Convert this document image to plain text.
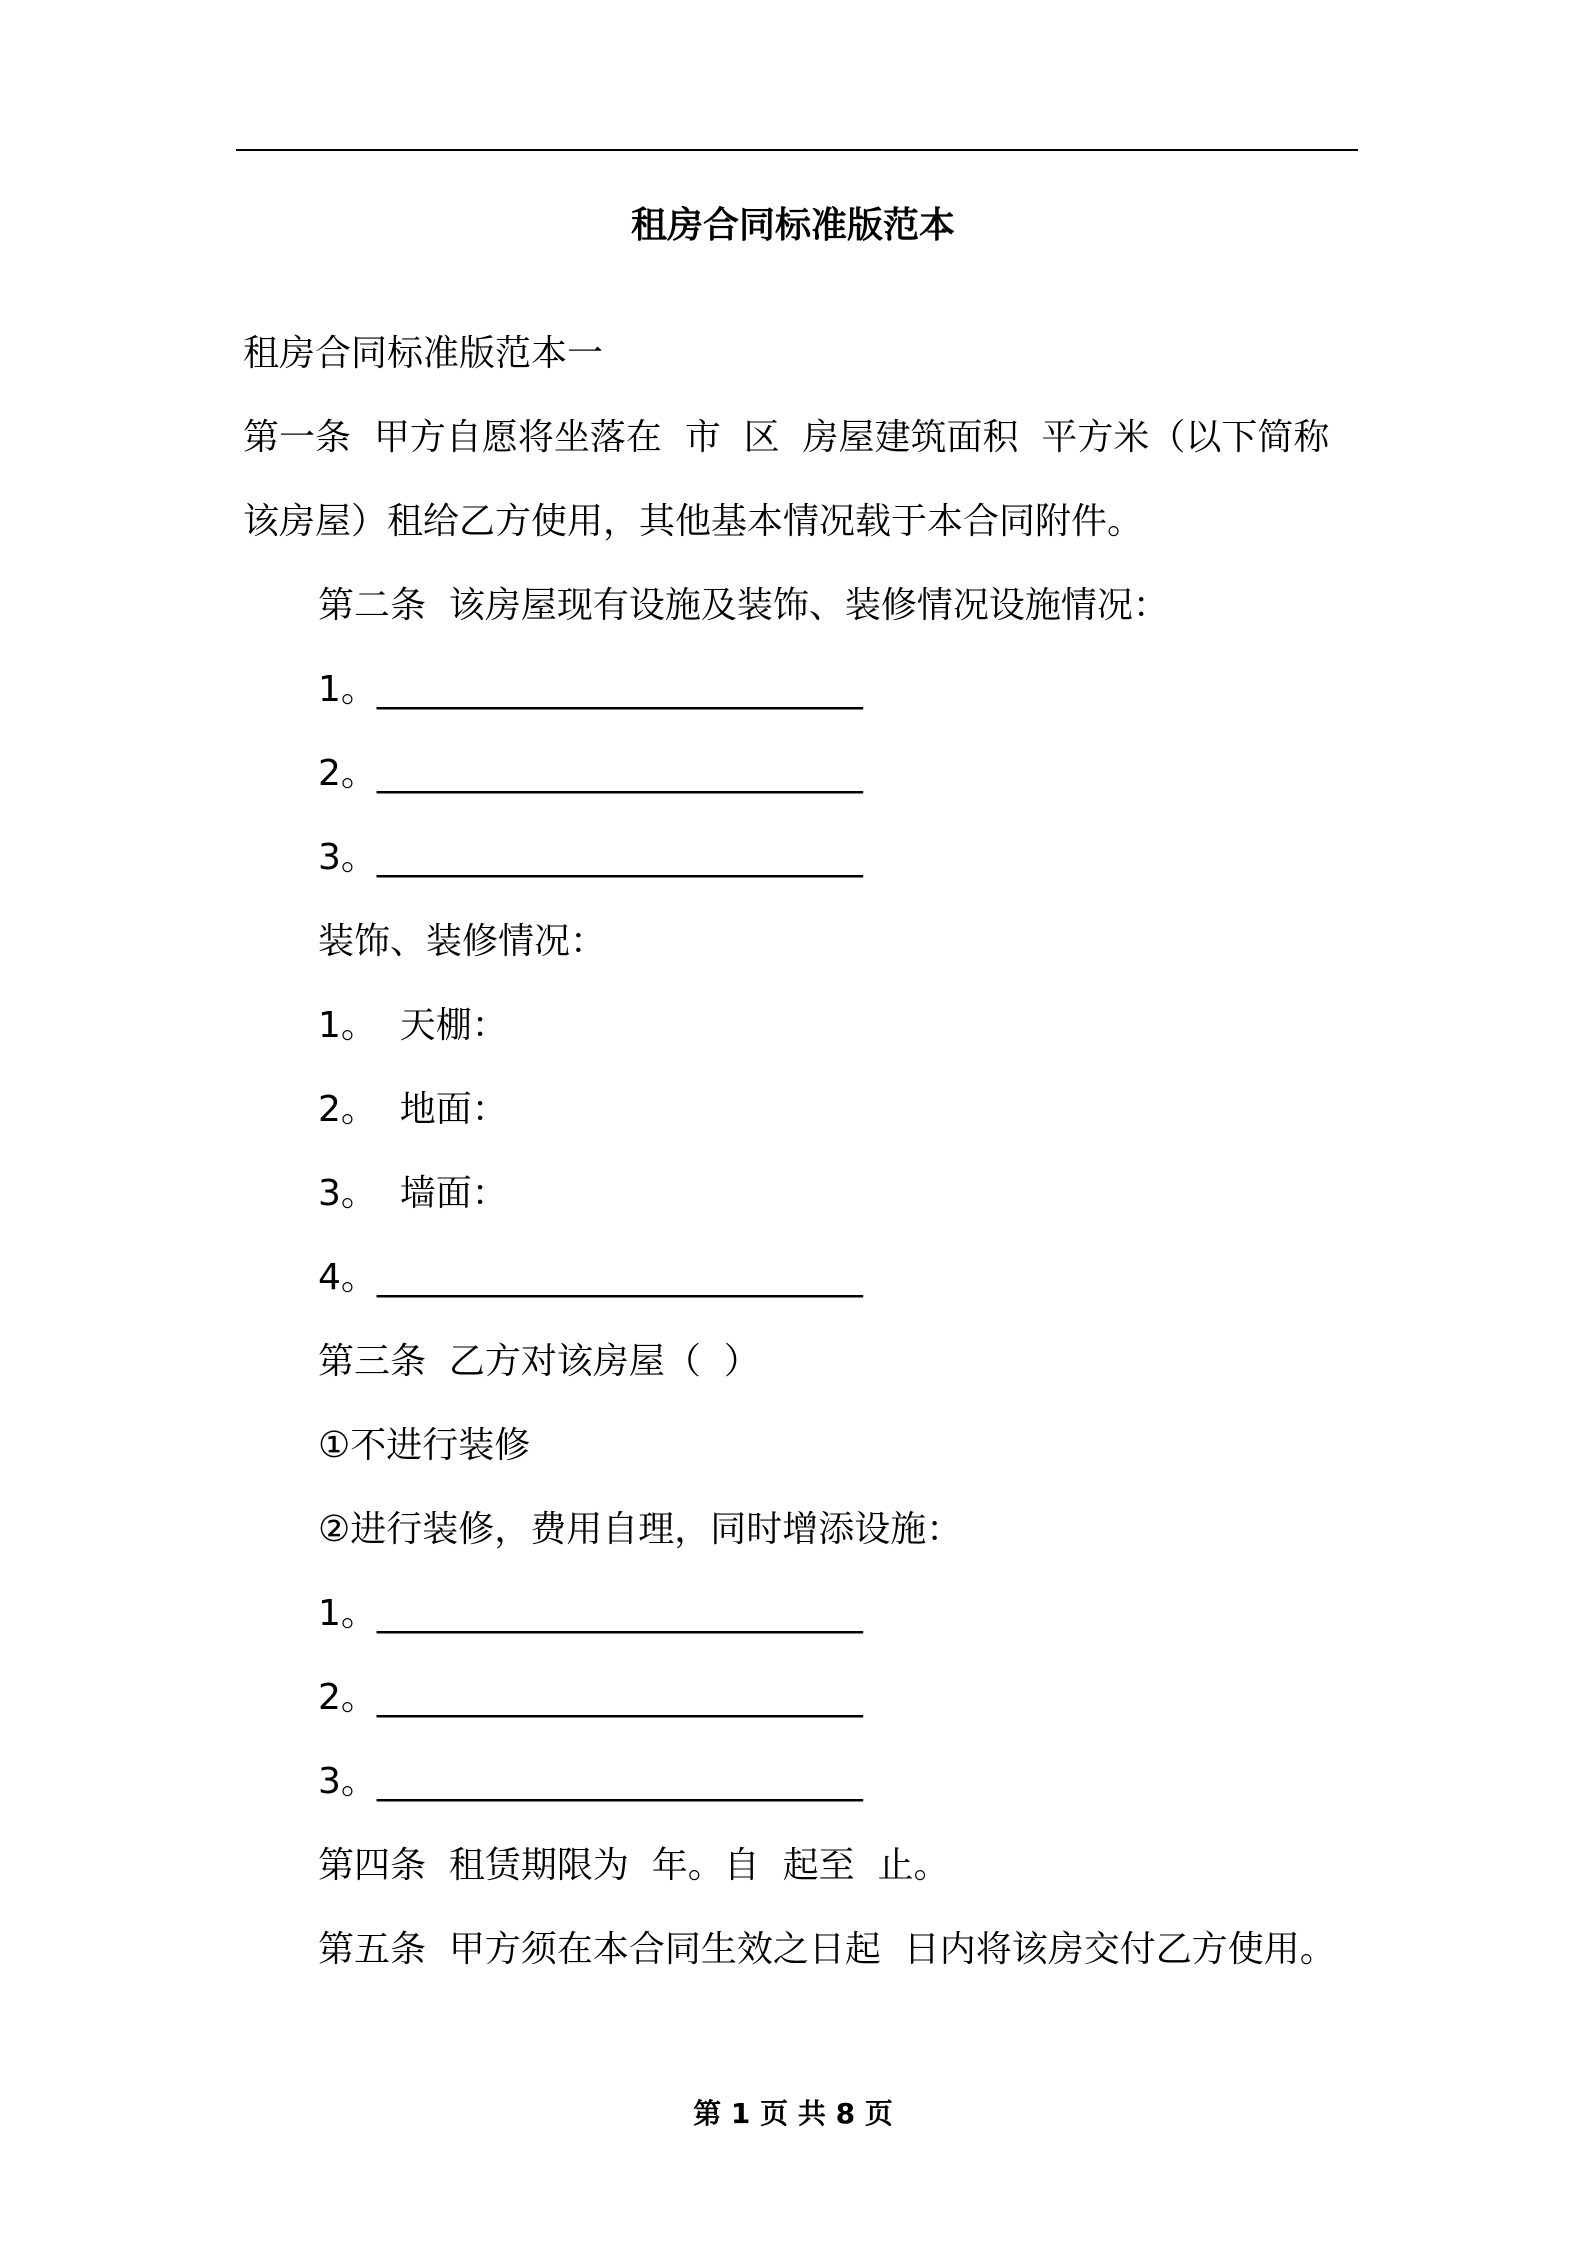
租房合同标准版范本

租房合同标准版范本一

第一条  甲方自愿将坐落在  市  区  房屋建筑面积  平方米（以下简称

该房屋）租给乙方使用，其他基本情况载于本合同附件。

第二条  该房屋现有设施及装饰、装修情况设施情况：

1。___________________________

2。___________________________

3。___________________________

装饰、装修情况：

1。  天棚：

2。  地面：

3。  墙面：

4。___________________________

第三条  乙方对该房屋（  ）

①不进行装修

②进行装修，费用自理，同时增添设施：

1。___________________________

2。___________________________

3。___________________________

第四条  租赁期限为  年。自  起至  止。

第五条  甲方须在本合同生效之日起  日内将该房交付乙方使用。

第 1 页 共 8 页
